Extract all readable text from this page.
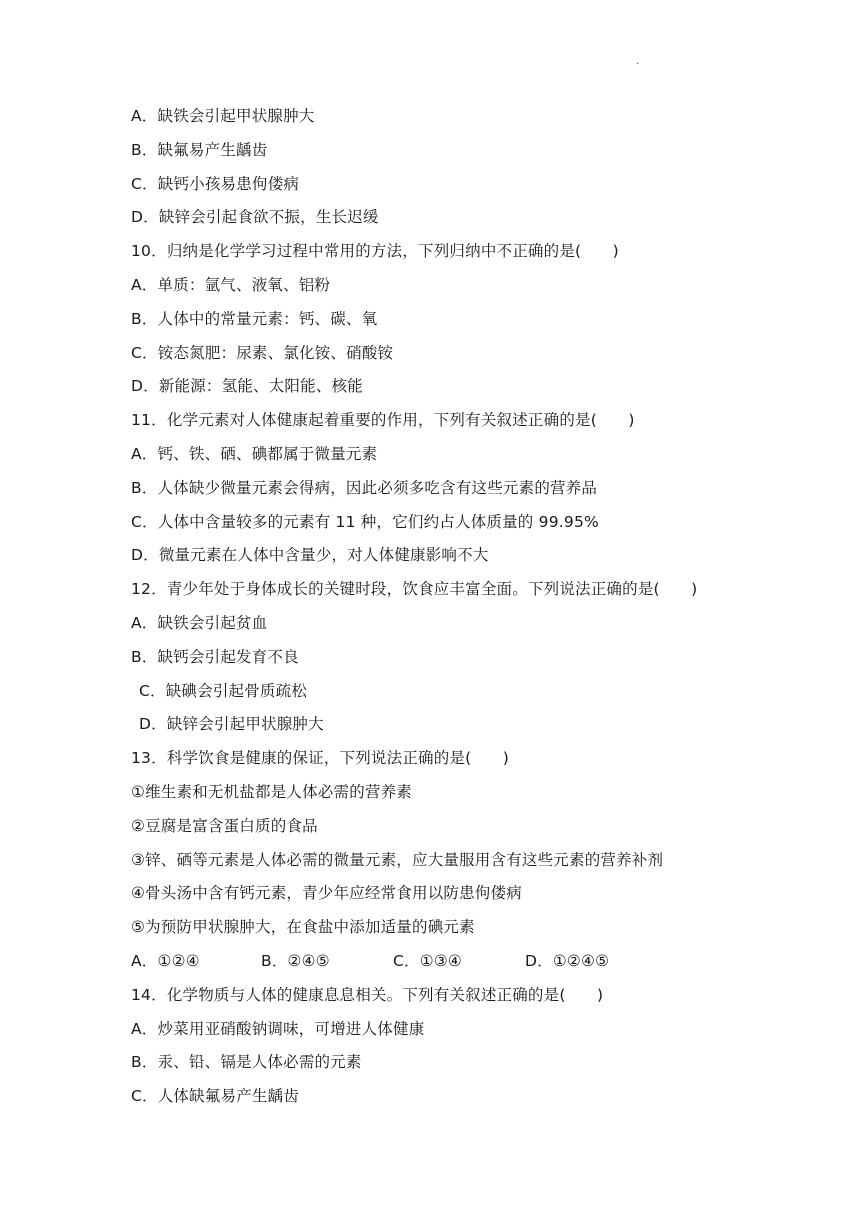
.
A．缺铁会引起甲状腺肿大
B．缺氟易产生龋齿
C．缺钙小孩易患佝偻病
D．缺锌会引起食欲不振，生长迟缓
10．归纳是化学学习过程中常用的方法，下列归纳中不正确的是(　　)
A．单质：氩气、液氧、铝粉
B．人体中的常量元素：钙、碳、氧
C．铵态氮肥：尿素、氯化铵、硝酸铵
D．新能源：氢能、太阳能、核能
11．化学元素对人体健康起着重要的作用，下列有关叙述正确的是(　　)
A．钙、铁、硒、碘都属于微量元素
B．人体缺少微量元素会得病，因此必须多吃含有这些元素的营养品
C．人体中含量较多的元素有 11 种，它们约占人体质量的 99.95%
D．微量元素在人体中含量少，对人体健康影响不大
12．青少年处于身体成长的关键时段，饮食应丰富全面。下列说法正确的是(　　)
A．缺铁会引起贫血
B．缺钙会引起发育不良
C．缺碘会引起骨质疏松
D．缺锌会引起甲状腺肿大
13．科学饮食是健康的保证，下列说法正确的是(　　)
①维生素和无机盐都是人体必需的营养素
②豆腐是富含蛋白质的食品
③锌、硒等元素是人体必需的微量元素，应大量服用含有这些元素的营养补剂
④骨头汤中含有钙元素，青少年应经常食用以防患佝偻病
⑤为预防甲状腺肿大，在食盐中添加适量的碘元素
A．①②④	B．②④⑤	C．①③④	D．①②④⑤
14．化学物质与人体的健康息息相关。下列有关叙述正确的是(　　)
A．炒菜用亚硝酸钠调味，可增进人体健康
B．汞、铅、镉是人体必需的元素
C．人体缺氟易产生龋齿
